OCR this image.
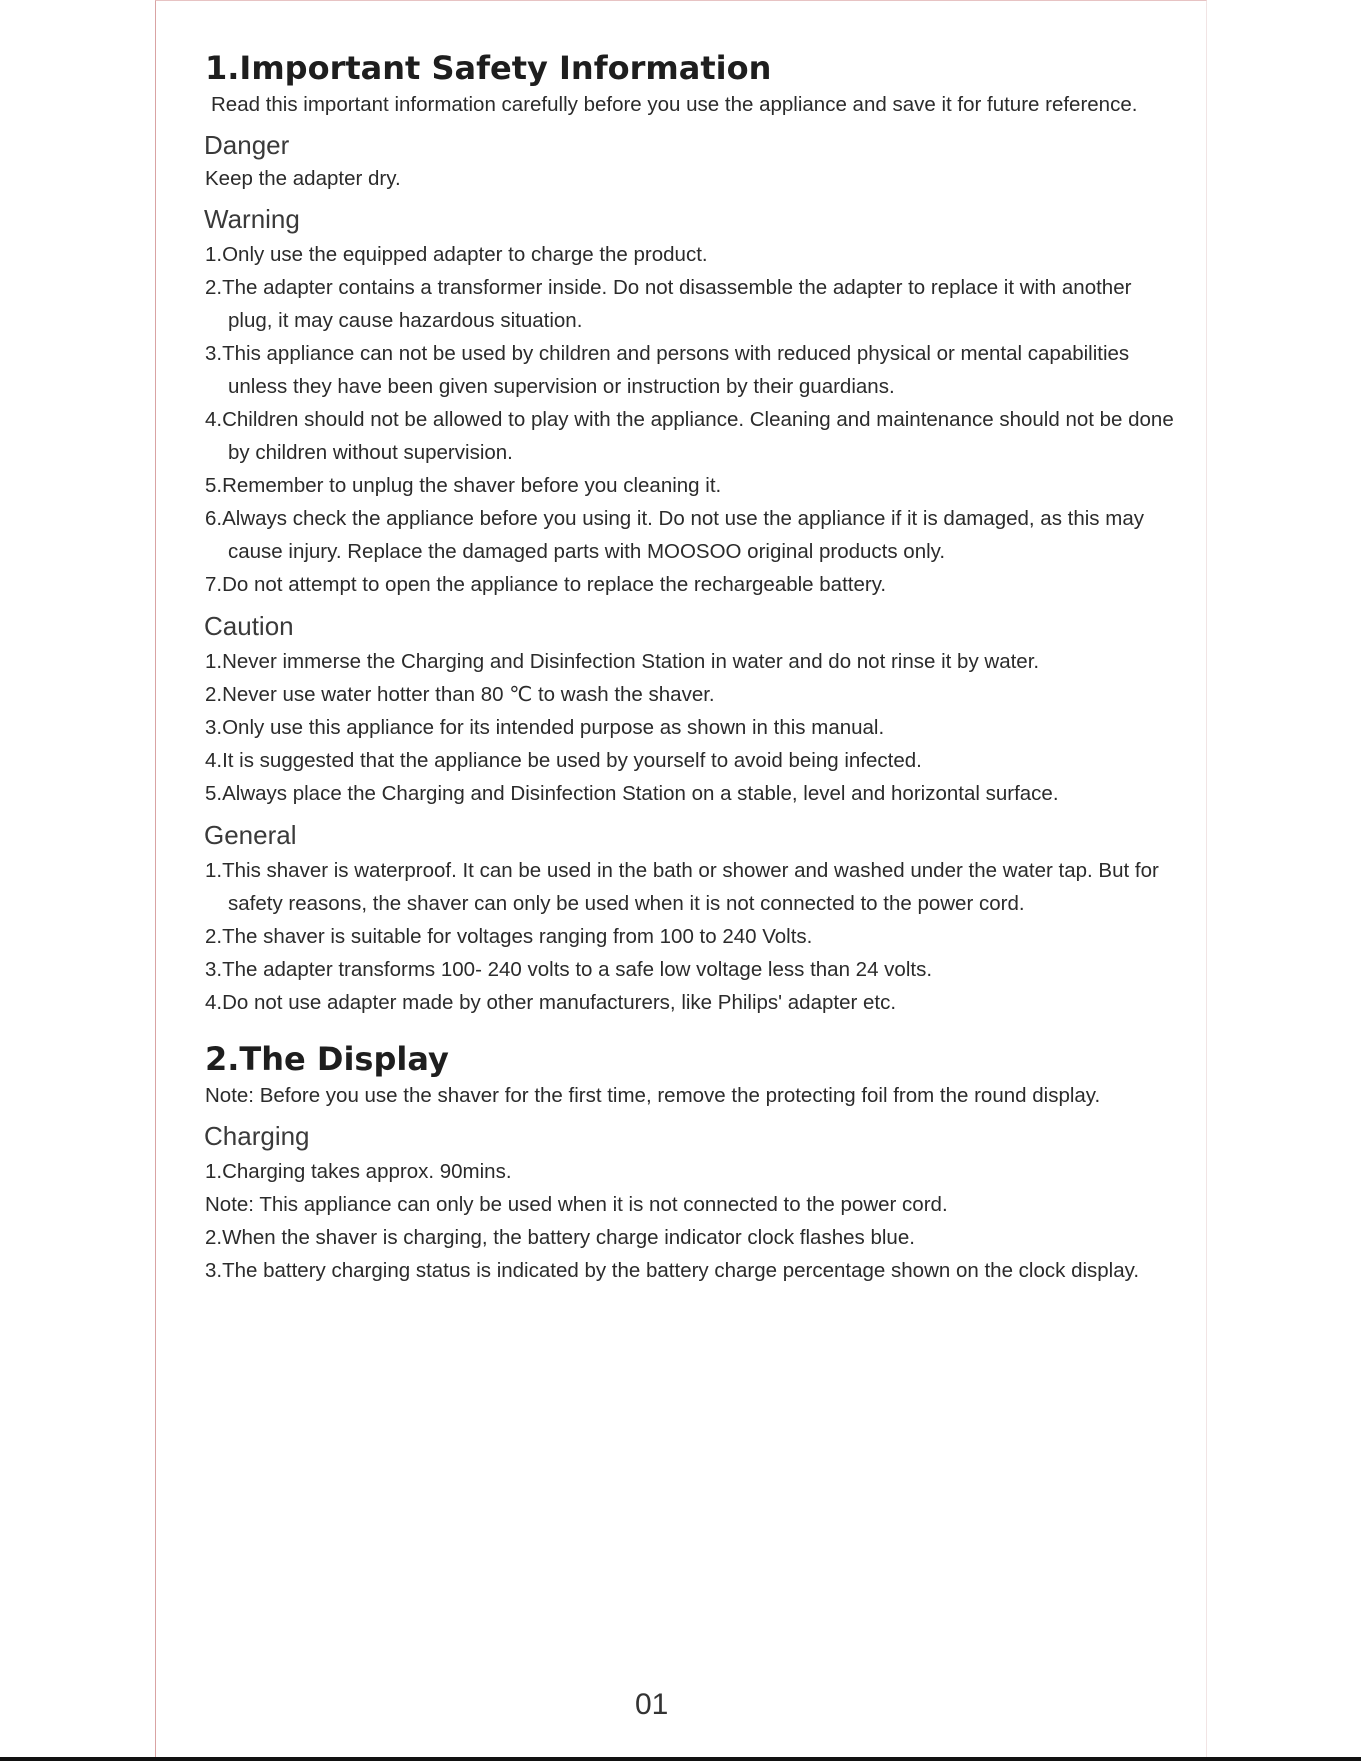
1.Important Safety Information

Read this important information carefully before you use the appliance and save it for future reference.

Danger

Keep the adapter dry.

Warning
1.Only use the equipped adapter to charge the product.
2.The adapter contains a transformer inside. Do not disassemble the adapter to replace it with another plug, it may cause hazardous situation.
3.This appliance can not be used by children and persons with reduced physical or mental capabilities unless they have been given supervision or instruction by their guardians.
4.Children should not be allowed to play with the appliance. Cleaning and maintenance should not be done by children without supervision.
5.Remember to unplug the shaver before you cleaning it.
6.Always check the appliance before you using it. Do not use the appliance if it is damaged, as this may cause injury. Replace the damaged parts with MOOSOO original products only.
7.Do not attempt to open the appliance to replace the rechargeable battery.
Caution
1.Never immerse the Charging and Disinfection Station in water and do not rinse it by water.
2.Never use water hotter than 80 ℃ to wash the shaver.
3.Only use this appliance for its intended purpose as shown in this manual.
4.It is suggested that the appliance be used by yourself to avoid being infected.
5.Always place the Charging and Disinfection Station on a stable, level and horizontal surface.
General
1.This shaver is waterproof. It can be used in the bath or shower and washed under the water tap. But for safety reasons, the shaver can only be used when it is not connected to the power cord.
2.The shaver is suitable for voltages ranging from 100 to 240 Volts.
3.The adapter transforms 100- 240 volts to a safe low voltage less than 24 volts.
4.Do not use adapter made by other manufacturers, like Philips' adapter etc.
2.The Display

Note: Before you use the shaver for the first time, remove the protecting foil from the round display.

Charging
1.Charging takes approx. 90mins.
Note: This appliance can only be used when it is not connected to the power cord.
2.When the shaver is charging, the battery charge indicator clock flashes blue.
3.The battery charging status is indicated by the battery charge percentage shown on the clock display.
01
